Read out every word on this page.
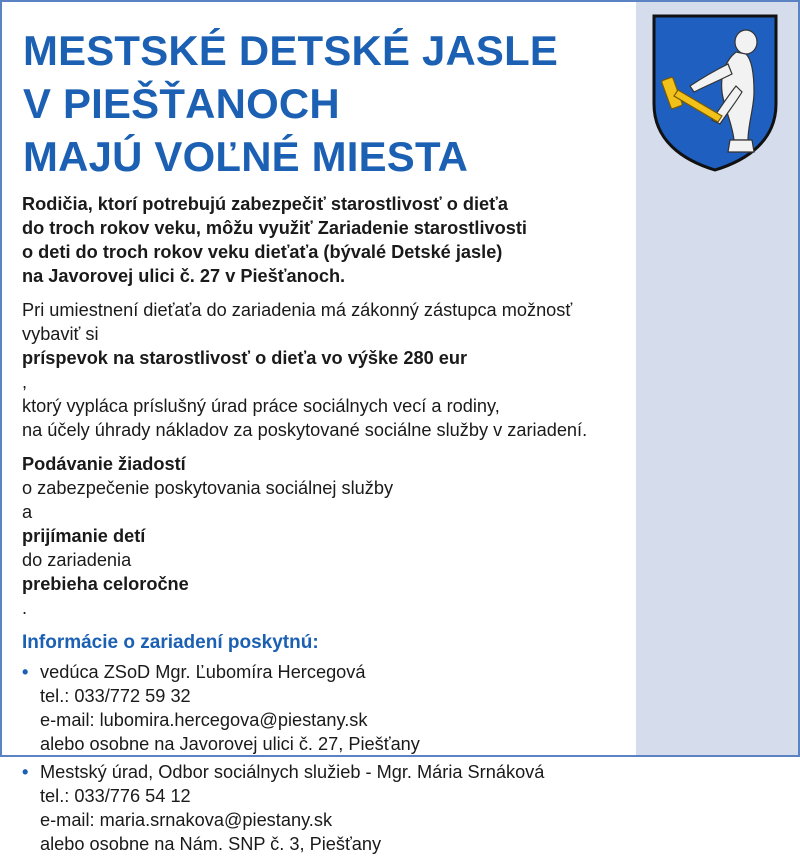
MESTSKÉ DETSKÉ JASLE
V PIEŠŤANOCH
MAJÚ VOĽNÉ MIESTA

Rodičia, ktorí potrebujú zabezpečiť starostlivosť o dieťa
do troch rokov veku, môžu využiť Zariadenie starostlivosti
o deti do troch rokov veku dieťaťa (bývalé Detské jasle)
na Javorovej ulici č. 27 v Piešťanoch.

Pri umiestnení dieťaťa do zariadenia má zákonný zástupca možnosť
vybaviť si
príspevok na starostlivosť o dieťa vo výške 280 eur
,
ktorý vypláca príslušný úrad práce sociálnych vecí a rodiny,
na účely úhrady nákladov za poskytované sociálne služby v zariadení.

Podávanie žiadostí
o zabezpečenie poskytovania sociálnej služby
a
prijímanie detí
do zariadenia
prebieha celoročne
.

Informácie o zariadení poskytnú:

• vedúca ZSoD Mgr. Ľubomíra Hercegová
tel.: 033/772 59 32
e-mail: lubomira.hercegova@piestany.sk
alebo osobne na Javorovej ulici č. 27, Piešťany
• Mestský úrad, Odbor sociálnych služieb - Mgr. Mária Srnáková
tel.: 033/776 54 12
e-mail: maria.srnakova@piestany.sk
alebo osobne na Nám. SNP č. 3, Piešťany
